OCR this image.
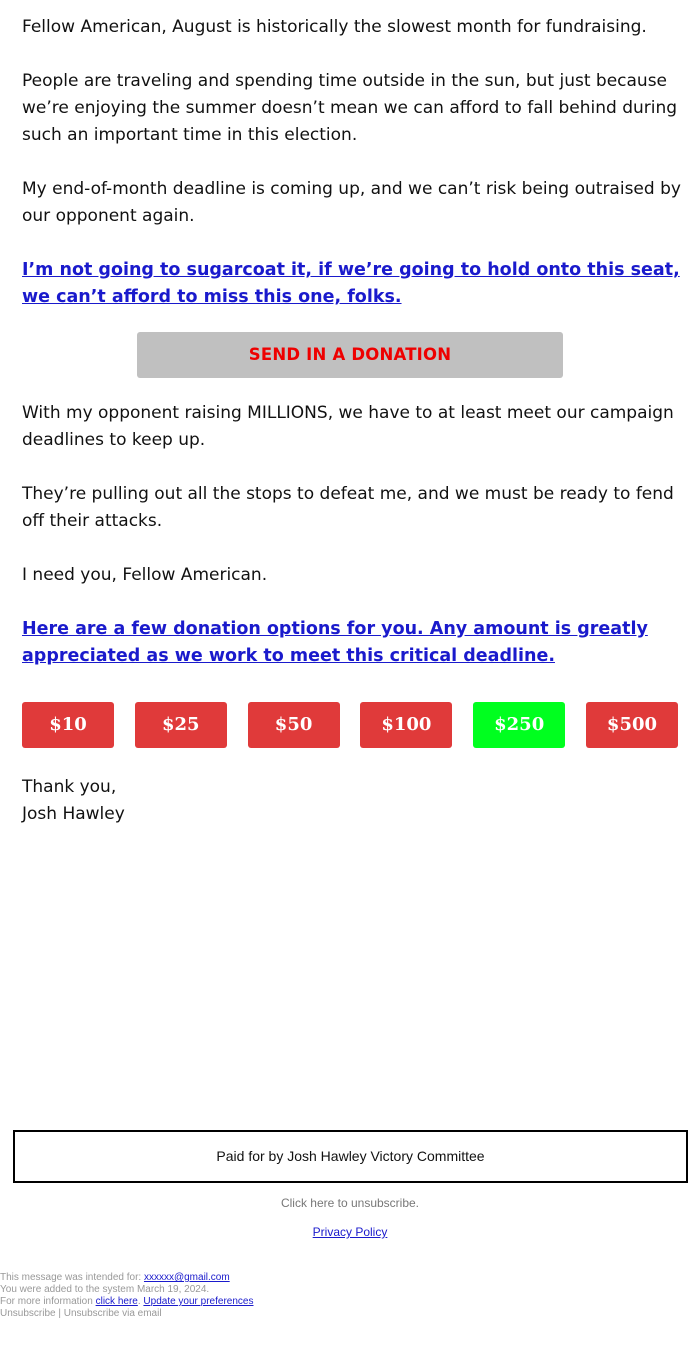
Fellow American, August is historically the slowest month for fundraising.

People are traveling and spending time outside in the sun, but just because we’re enjoying the summer doesn’t mean we can afford to fall behind during such an important time in this election.

My end-of-month deadline is coming up, and we can’t risk being outraised by our opponent again.

I’m not going to sugarcoat it, if we’re going to hold onto this seat, we can’t afford to miss this one, folks.
SEND IN A DONATION

With my opponent raising MILLIONS, we have to at least meet our campaign deadlines to keep up.

They’re pulling out all the stops to defeat me, and we must be ready to fend off their attacks.

I need you, Fellow American.

Here are a few donation options for you. Any amount is greatly appreciated as we work to meet this critical deadline.
$10	$25	$50	$100	$250	$500

Thank you,
Josh Hawley

Paid for by Josh Hawley Victory Committee
Click here to unsubscribe.
Privacy Policy
This message was intended for: xxxxxx@gmail.com
You were added to the system March 19, 2024.
For more information click here. Update your preferences
Unsubscribe | Unsubscribe via email
